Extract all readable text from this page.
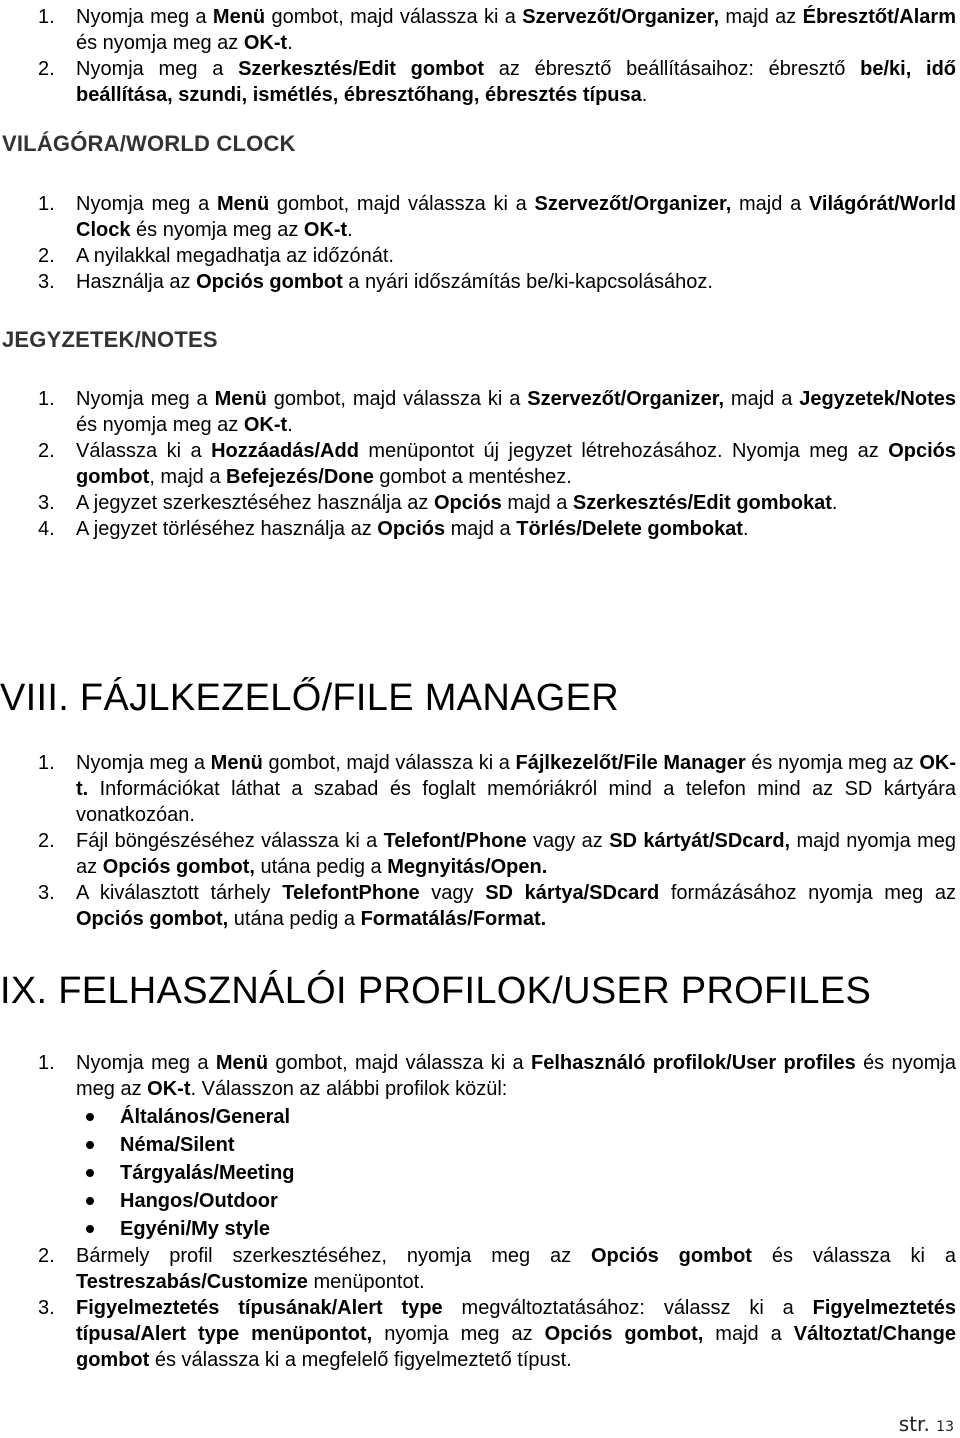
1.	Nyomja meg a Menü gombot, majd válassza ki a Szervezőt/Organizer, majd az Ébresztőt/Alarm és nyomja meg az OK-t.
2.	Nyomja meg a Szerkesztés/Edit gombot az ébresztő beállításaihoz: ébresztő be/ki, idő beállítása, szundi, ismétlés, ébresztőhang, ébresztés típusa.
VILÁGÓRA/WORLD CLOCK
1.	Nyomja meg a Menü gombot, majd válassza ki a Szervezőt/Organizer, majd a Világórát/World Clock és nyomja meg az OK-t.
2.	A nyilakkal megadhatja az időzónát.
3.	Használja az Opciós gombot a nyári időszámítás be/ki-kapcsolásához.
JEGYZETEK/NOTES
1.	Nyomja meg a Menü gombot, majd válassza ki a Szervezőt/Organizer, majd a Jegyzetek/Notes és nyomja meg az OK-t.
2.	Válassza ki a Hozzáadás/Add menüpontot új jegyzet létrehozásához. Nyomja meg az Opciós gombot, majd a Befejezés/Done gombot a mentéshez.
3.	A jegyzet szerkesztéséhez használja az Opciós majd a Szerkesztés/Edit gombokat.
4.	A jegyzet törléséhez használja az Opciós majd a Törlés/Delete gombokat.
VIII. FÁJLKEZELŐ/FILE MANAGER
1.	Nyomja meg a Menü gombot, majd válassza ki a Fájlkezelőt/File Manager és nyomja meg az OK-t. Információkat láthat a szabad és foglalt memóriákról mind a telefon mind az SD kártyára vonatkozóan.
2.	Fájl böngészéséhez válassza ki a Telefont/Phone vagy az SD kártyát/SDcard, majd nyomja meg az Opciós gombot, utána pedig a Megnyitás/Open.
3.	A kiválasztott tárhely TelefontPhone vagy SD kártya/SDcard formázásához nyomja meg az Opciós gombot, utána pedig a Formatálás/Format.
IX. FELHASZNÁLÓI PROFILOK/USER PROFILES
1.	Nyomja meg a Menü gombot, majd válassza ki a Felhasználó profilok/User profiles és nyomja meg az OK-t. Válasszon az alábbi profilok közül:
Általános/General
Néma/Silent
Tárgyalás/Meeting
Hangos/Outdoor
Egyéni/My style
2.	Bármely profil szerkesztéséhez, nyomja meg az Opciós gombot és válassza ki a Testreszabás/Customize menüpontot.
3.	Figyelmeztetés típusának/Alert type megváltoztatásához: válassz ki a Figyelmeztetés típusa/Alert type menüpontot, nyomja meg az Opciós gombot, majd a Változtat/Change gombot és válassza ki a megfelelő figyelmeztető típust.
str. 13
